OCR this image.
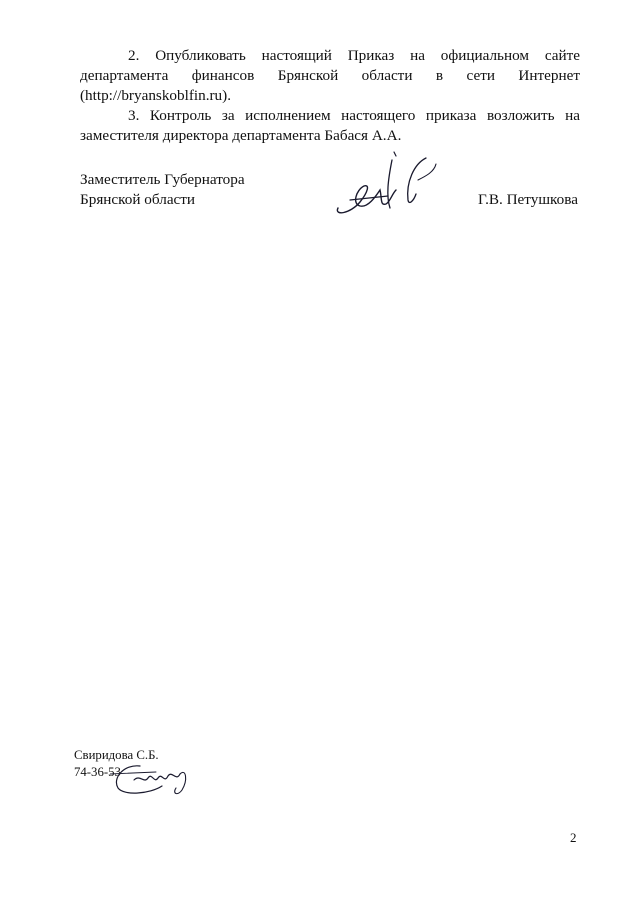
2. Опубликовать настоящий Приказ на официальном сайте департамента финансов Брянской области в сети Интернет (http://bryanskoblfin.ru).

3. Контроль за исполнением настоящего приказа возложить на заместителя директора департамента Бабася А.А.

Заместитель Губернатора
Брянской области	Г.В. Петушкова
Свиридова С.Б.
74-36-53
2
